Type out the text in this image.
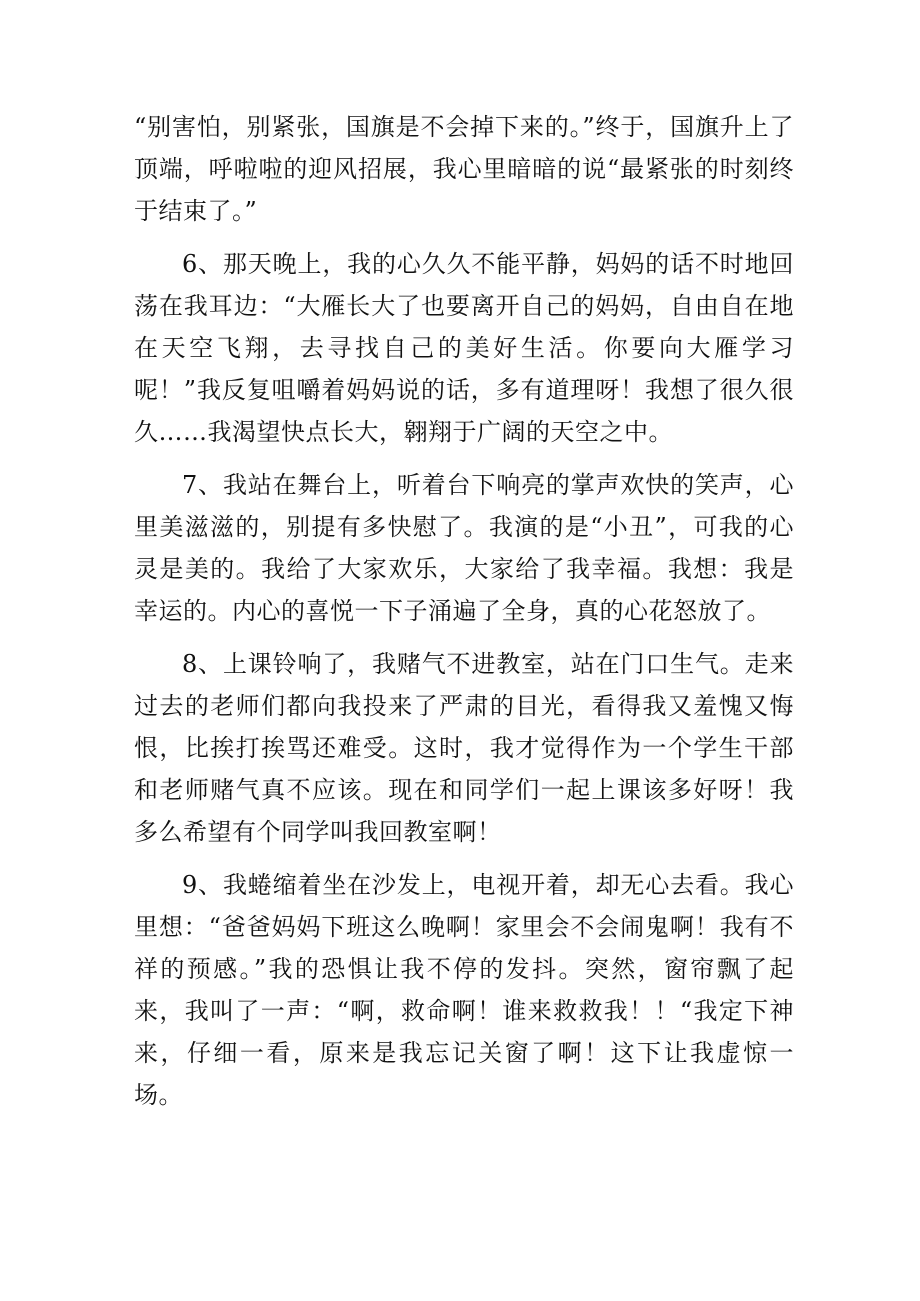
“别害怕，别紧张，国旗是不会掉下来的。”终于，国旗升上了顶端，呼啦啦的迎风招展，我心里暗暗的说“最紧张的时刻终于结束了。”

6、那天晚上，我的心久久不能平静，妈妈的话不时地回荡在我耳边：“大雁长大了也要离开自己的妈妈，自由自在地在天空飞翔，去寻找自己的美好生活。你要向大雁学习呢！”我反复咀嚼着妈妈说的话，多有道理呀！我想了很久很久……我渴望快点长大，翱翔于广阔的天空之中。

7、我站在舞台上，听着台下响亮的掌声欢快的笑声，心里美滋滋的，别提有多快慰了。我演的是“小丑”，可我的心灵是美的。我给了大家欢乐，大家给了我幸福。我想：我是幸运的。内心的喜悦一下子涌遍了全身，真的心花怒放了。

8、上课铃响了，我赌气不进教室，站在门口生气。走来过去的老师们都向我投来了严肃的目光，看得我又羞愧又悔恨，比挨打挨骂还难受。这时，我才觉得作为一个学生干部和老师赌气真不应该。现在和同学们一起上课该多好呀！我多么希望有个同学叫我回教室啊！

9、我蜷缩着坐在沙发上，电视开着，却无心去看。我心里想：“爸爸妈妈下班这么晚啊！家里会不会闹鬼啊！我有不祥的预感。”我的恐惧让我不停的发抖。突然，窗帘飘了起来，我叫了一声：“啊，救命啊！谁来救救我！！“我定下神来，仔细一看，原来是我忘记关窗了啊！这下让我虚惊一场。
